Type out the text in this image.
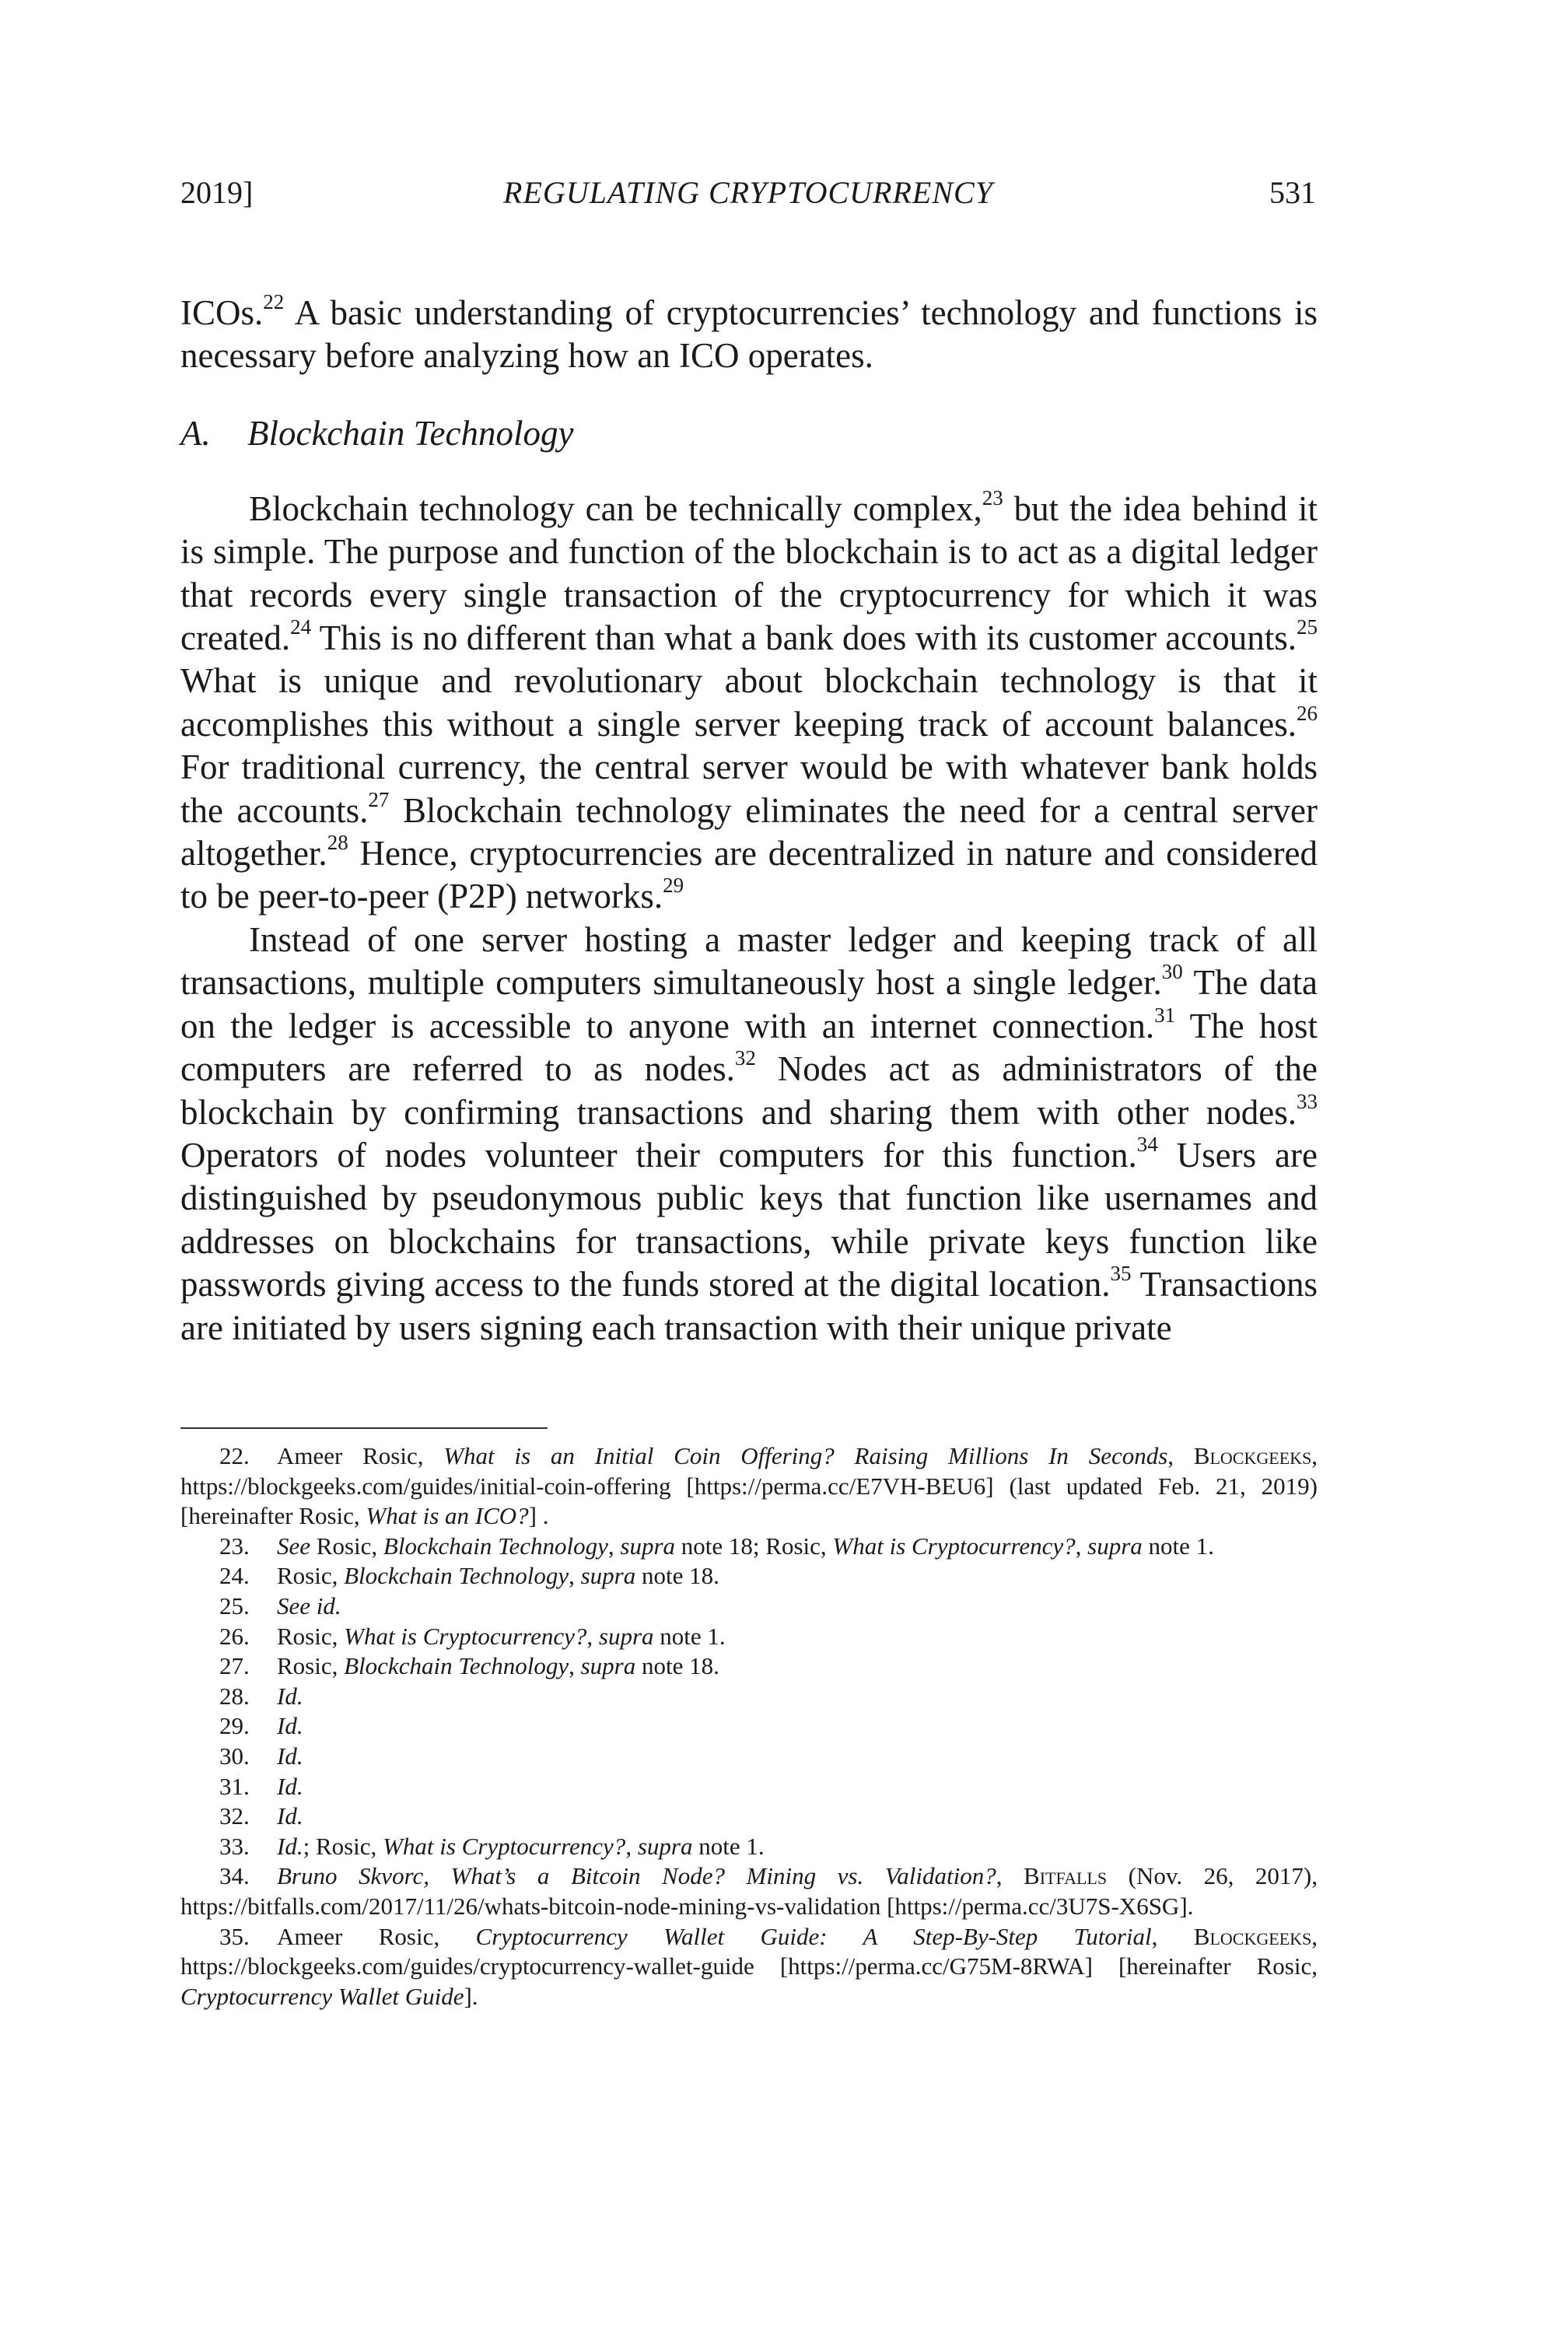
2019]	REGULATING CRYPTOCURRENCY	531

ICOs.$^{22}$ A basic understanding of cryptocurrencies’ technology and functions is necessary before analyzing how an ICO operates.

A. Blockchain Technology

Blockchain technology can be technically complex,$^{23}$ but the idea behind it is simple. The purpose and function of the blockchain is to act as a digital ledger that records every single transaction of the cryptocurrency for which it was created.$^{24}$ This is no different than what a bank does with its customer accounts.$^{25}$ What is unique and revolutionary about blockchain technology is that it accomplishes this without a single server keeping track of account balances.$^{26}$ For traditional currency, the central server would be with whatever bank holds the accounts.$^{27}$ Blockchain technology eliminates the need for a central server altogether.$^{28}$ Hence, cryptocurrencies are decentralized in nature and considered to be peer-to-peer (P2P) networks.$^{29}$

Instead of one server hosting a master ledger and keeping track of all transactions, multiple computers simultaneously host a single ledger.$^{30}$ The data on the ledger is accessible to anyone with an internet connection.$^{31}$ The host computers are referred to as nodes.$^{32}$ Nodes act as administrators of the blockchain by confirming transactions and sharing them with other nodes.$^{33}$ Operators of nodes volunteer their computers for this function.$^{34}$ Users are distinguished by pseudonymous public keys that function like usernames and addresses on blockchains for transactions, while private keys function like passwords giving access to the funds stored at the digital location.$^{35}$ Transactions are initiated by users signing each transaction with their unique private

22. Ameer Rosic, What is an Initial Coin Offering? Raising Millions In Seconds, Blockgeeks, https://blockgeeks.com/guides/initial-coin-offering [https://perma.cc/E7VH-BEU6] (last updated Feb. 21, 2019) [hereinafter Rosic, What is an ICO?] .

23. See Rosic, Blockchain Technology, supra note 18; Rosic, What is Cryptocurrency?, supra note 1.

24. Rosic, Blockchain Technology, supra note 18.

25. See id.

26. Rosic, What is Cryptocurrency?, supra note 1.

27. Rosic, Blockchain Technology, supra note 18.

28. Id.

29. Id.

30. Id.

31. Id.

32. Id.

33. Id.; Rosic, What is Cryptocurrency?, supra note 1.

34. Bruno Skvorc, What’s a Bitcoin Node? Mining vs. Validation?, Bitfalls (Nov. 26, 2017), https://bitfalls.com/2017/11/26/whats-bitcoin-node-mining-vs-validation [https://perma.cc/3U7S-X6SG].

35. Ameer Rosic, Cryptocurrency Wallet Guide: A Step-By-Step Tutorial, Blockgeeks, https://blockgeeks.com/guides/cryptocurrency-wallet-guide [https://perma.cc/G75M-8RWA] [hereinafter Rosic, Cryptocurrency Wallet Guide].
